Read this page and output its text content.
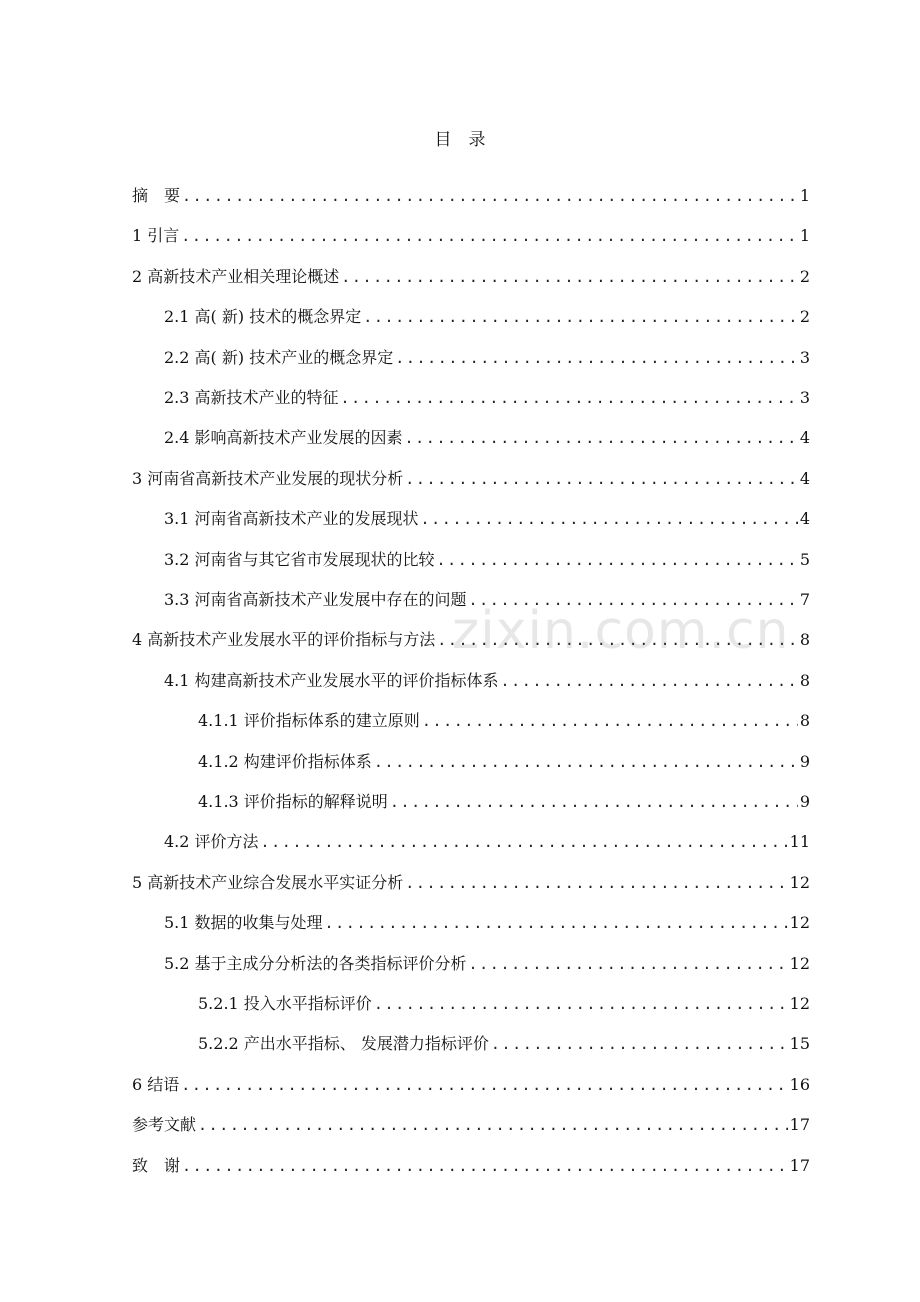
目　录
摘　要 .....	1
1 引言 .....	1
2 高新技术产业相关理论概述 .....	2
2.1 高( 新) 技术的概念界定 .....	2
2.2 高( 新) 技术产业的概念界定 .....	3
2.3 高新技术产业的特征 .....	3
2.4 影响高新技术产业发展的因素 .....	4
3 河南省高新技术产业发展的现状分析 .....	4
3.1 河南省高新技术产业的发展现状 .....	4
3.2 河南省与其它省市发展现状的比较 .....	5
3.3 河南省高新技术产业发展中存在的问题 .....	7
4 高新技术产业发展水平的评价指标与方法 .....	8
4.1 构建高新技术产业发展水平的评价指标体系 .....	8
4.1.1 评价指标体系的建立原则 .....	8
4.1.2 构建评价指标体系 .....	9
4.1.3 评价指标的解释说明 .....	9
4.2 评价方法 .....	11
5 高新技术产业综合发展水平实证分析 .....	12
5.1 数据的收集与处理 .....	12
5.2 基于主成分分析法的各类指标评价分析 .....	12
5.2.1 投入水平指标评价 .....	12
5.2.2 产出水平指标、 发展潜力指标评价 .....	15
6 结语 .....	16
参考文献 .....	17
致　谢 .....	17
zixin.com.cn
